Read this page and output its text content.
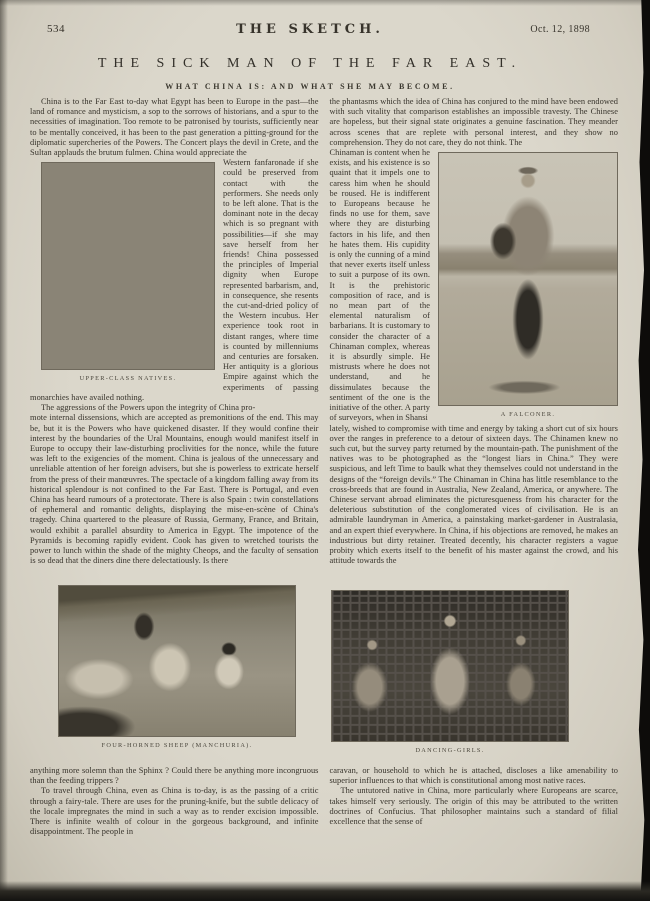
534	THE SKETCH.	Oct. 12, 1898
THE SICK MAN OF THE FAR EAST.
WHAT CHINA IS: AND WHAT SHE MAY BECOME.

China is to the Far East to-day what Egypt has been to Europe in the past—the land of romance and mysticism, a sop to the sorrows of historians, and a spur to the necessities of imagination. Too remote to be patronised by tourists, sufficiently near to be mentally conceived, it has been to the past generation a pitting-ground for the diplomatic supercheries of the Powers. The Concert plays the devil in Crete, and the Sultan applauds the brutum fulmen. China would appreciate the

UPPER-CLASS NATIVES.

Western fanfaronade if she could be preserved from contact with the performers. She needs only to be left alone. That is the dominant note in the decay which is so pregnant with possibilities—if she may save herself from her friends! China possessed the principles of Imperial dignity when Europe represented barbarism, and, in consequence, she resents the cut-and-dried policy of the Western incubus. Her experience took root in distant ranges, where time is counted by millenniums and centuries are forsaken. Her antiquity is a glorious Empire against which the experiments of passing monarchies have availed nothing.

The aggressions of the Powers upon the integrity of China pro-

mote internal dissensions, which are accepted as premonitions of the end. This may be, but it is the Powers who have quickened disaster. If they would confine their interest by the boundaries of the Ural Mountains, enough would manifest itself in Europe to occupy their law-disturbing proclivities for the nonce, while the future was left to the exigencies of the moment. China is jealous of the unnecessary and unreliable attention of her foreign advisers, but she is powerless to extricate herself from the press of their manœuvres. The spectacle of a kingdom falling away from its historical splendour is not confined to the Far East. There is Portugal, and even China has heard rumours of a protectorate. There is also Spain : twin constellations of ephemeral and romantic delights, displaying the mise-en-scène of China's tragedy. China quartered to the pleasure of Russia, Germany, France, and Britain, would exhibit a parallel absurdity to America in Egypt. The impotence of the Pyramids is becoming rapidly evident. Cook has given to wretched tourists the power to lunch within the shade of the mighty Cheops, and the faculty of sensation is so dead that the diners dine there delectatiously. Is there

the phantasms which the idea of China has conjured to the mind have been endowed with such vitality that comparison establishes an impossible travesty. The Chinese are hopeless, but their signal state originates a genuine fascination. They meander across scenes that are replete with personal interest, and they show no comprehension. They do not care, they do not think. The

A FALCONER.

Chinaman is content when he exists, and his existence is so quaint that it impels one to caress him when he should be roused. He is indifferent to Europeans because he finds no use for them, save where they are disturbing factors in his life, and then he hates them. His cupidity is only the cunning of a mind that never exerts itself unless to suit a purpose of its own. It is the prehistoric composition of race, and is no mean part of the elemental naturalism of barbarians. It is customary to consider the character of a Chinaman complex, whereas it is absurdly simple. He mistrusts where he does not understand, and he dissimulates because the sentiment of the one is the initiative of the other. A party of surveyors, when in Shansi

lately, wished to compromise with time and energy by taking a short cut of six hours over the ranges in preference to a detour of sixteen days. The Chinamen knew no such cut, but the survey party returned by the mountain-path. The punishment of the natives was to be photographed as the “longest liars in China.” They were suspicious, and left Time to baulk what they themselves could not understand in the designs of the “foreign devils.” The Chinaman in China has little resemblance to the cross-breeds that are found in Australia, New Zealand, America, or anywhere. The Chinese servant abroad eliminates the picturesqueness from his character for the deleterious substitution of the conglomerated vices of civilisation. He is an admirable laundryman in America, a painstaking market-gardener in Australasia, and an expert thief everywhere. In China, if his objections are removed, he makes an industrious but dirty retainer. Treated decently, his character registers a vague probity which exerts itself to the benefit of his master against the crowd, and his attitude towards the

FOUR-HORNED SHEEP (MANCHURIA).
DANCING-GIRLS.

anything more solemn than the Sphinx ? Could there be anything more incongruous than the feeding trippers ?

To travel through China, even as China is to-day, is as the passing of a critic through a fairy-tale. There are uses for the pruning-knife, but the subtle delicacy of the locale impregnates the mind in such a way as to render excision impossible. There is infinite wealth of colour in the gorgeous background, and infinite disappointment. The people in

caravan, or household to which he is attached, discloses a like amenability to superior influences to that which is constitutional among most native races.

The untutored native in China, more particularly where Europeans are scarce, takes himself very seriously. The origin of this may be attributed to the written doctrines of Confucius. That philosopher maintains such a standard of filial excellence that the sense of
